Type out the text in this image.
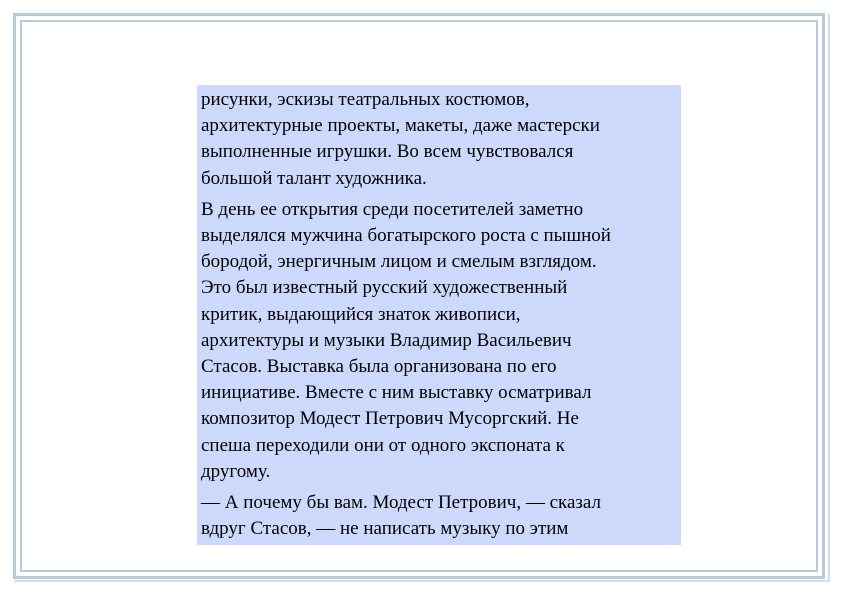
рисунки, эскизы театральных костюмов,
архитектурные проекты, макеты, даже мастерски
выполненные игрушки. Во всем чувствовался
большой талант художника.

В день ее открытия среди посетителей заметно
выделялся мужчина богатырского роста с пышной
бородой, энергичным лицом и смелым взглядом.
Это был известный русский художественный
критик, выдающийся знаток живописи,
архитектуры и музыки Владимир Васильевич
Стасов. Выставка была организована по его
инициативе. Вместе с ним выставку осматривал
композитор Модест Петрович Мусоргский. Не
спеша переходили они от одного экспоната к
другому.

— А почему бы вам. Модест Петрович, — сказал
вдруг Стасов, — не написать музыку по этим
